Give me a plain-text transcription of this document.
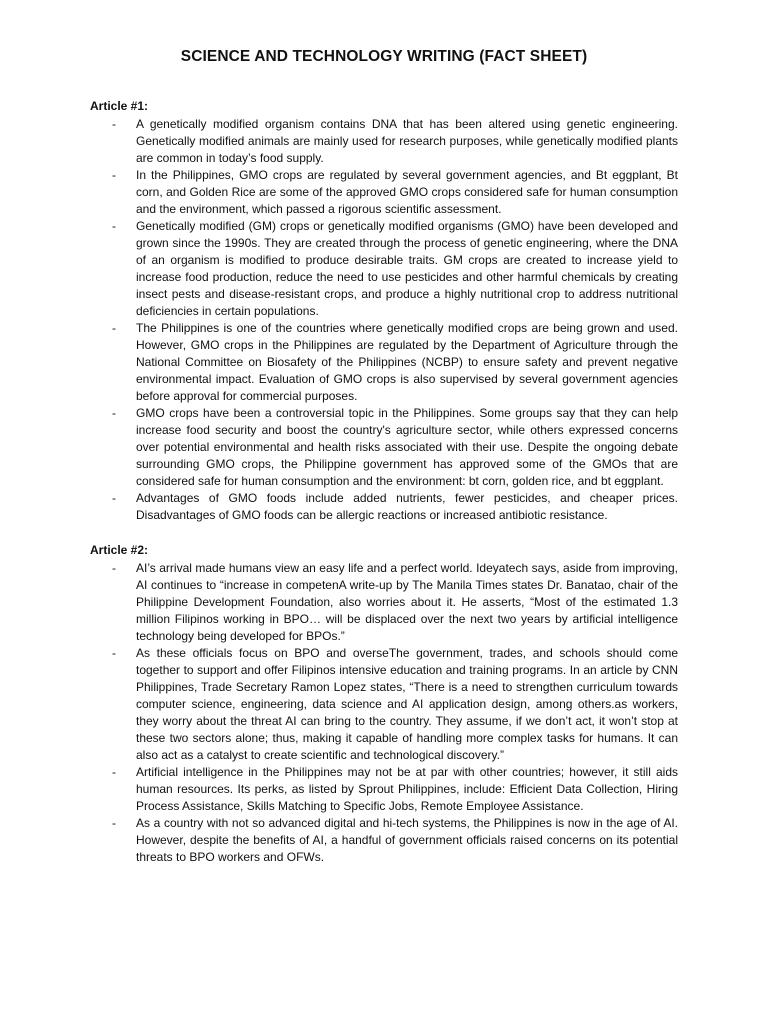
SCIENCE AND TECHNOLOGY WRITING (FACT SHEET)
Article #1:
- A genetically modified organism contains DNA that has been altered using genetic engineering. Genetically modified animals are mainly used for research purposes, while genetically modified plants are common in today’s food supply.
- In the Philippines, GMO crops are regulated by several government agencies, and Bt eggplant, Bt corn, and Golden Rice are some of the approved GMO crops considered safe for human consumption and the environment, which passed a rigorous scientific assessment.
- Genetically modified (GM) crops or genetically modified organisms (GMO) have been developed and grown since the 1990s. They are created through the process of genetic engineering, where the DNA of an organism is modified to produce desirable traits. GM crops are created to increase yield to increase food production, reduce the need to use pesticides and other harmful chemicals by creating insect pests and disease-resistant crops, and produce a highly nutritional crop to address nutritional deficiencies in certain populations.
- The Philippines is one of the countries where genetically modified crops are being grown and used. However, GMO crops in the Philippines are regulated by the Department of Agriculture through the National Committee on Biosafety of the Philippines (NCBP) to ensure safety and prevent negative environmental impact. Evaluation of GMO crops is also supervised by several government agencies before approval for commercial purposes.
- GMO crops have been a controversial topic in the Philippines. Some groups say that they can help increase food security and boost the country's agriculture sector, while others expressed concerns over potential environmental and health risks associated with their use. Despite the ongoing debate surrounding GMO crops, the Philippine government has approved some of the GMOs that are considered safe for human consumption and the environment: bt corn, golden rice, and bt eggplant.
- Advantages of GMO foods include added nutrients, fewer pesticides, and cheaper prices. Disadvantages of GMO foods can be allergic reactions or increased antibiotic resistance.
Article #2:
- AI’s arrival made humans view an easy life and a perfect world. Ideyatech says, aside from improving, AI continues to “increase in competenA write-up by The Manila Times states Dr. Banatao, chair of the Philippine Development Foundation, also worries about it. He asserts, “Most of the estimated 1.3 million Filipinos working in BPO… will be displaced over the next two years by artificial intelligence technology being developed for BPOs.”
- As these officials focus on BPO and overseThe government, trades, and schools should come together to support and offer Filipinos intensive education and training programs. In an article by CNN Philippines, Trade Secretary Ramon Lopez states, “There is a need to strengthen curriculum towards computer science, engineering, data science and AI application design, among others.as workers, they worry about the threat AI can bring to the country. They assume, if we don’t act, it won’t stop at these two sectors alone; thus, making it capable of handling more complex tasks for humans. It can also act as a catalyst to create scientific and technological discovery.”
- Artificial intelligence in the Philippines may not be at par with other countries; however, it still aids human resources. Its perks, as listed by Sprout Philippines, include: Efficient Data Collection, Hiring Process Assistance, Skills Matching to Specific Jobs, Remote Employee Assistance.
- As a country with not so advanced digital and hi-tech systems, the Philippines is now in the age of AI. However, despite the benefits of AI, a handful of government officials raised concerns on its potential threats to BPO workers and OFWs.
